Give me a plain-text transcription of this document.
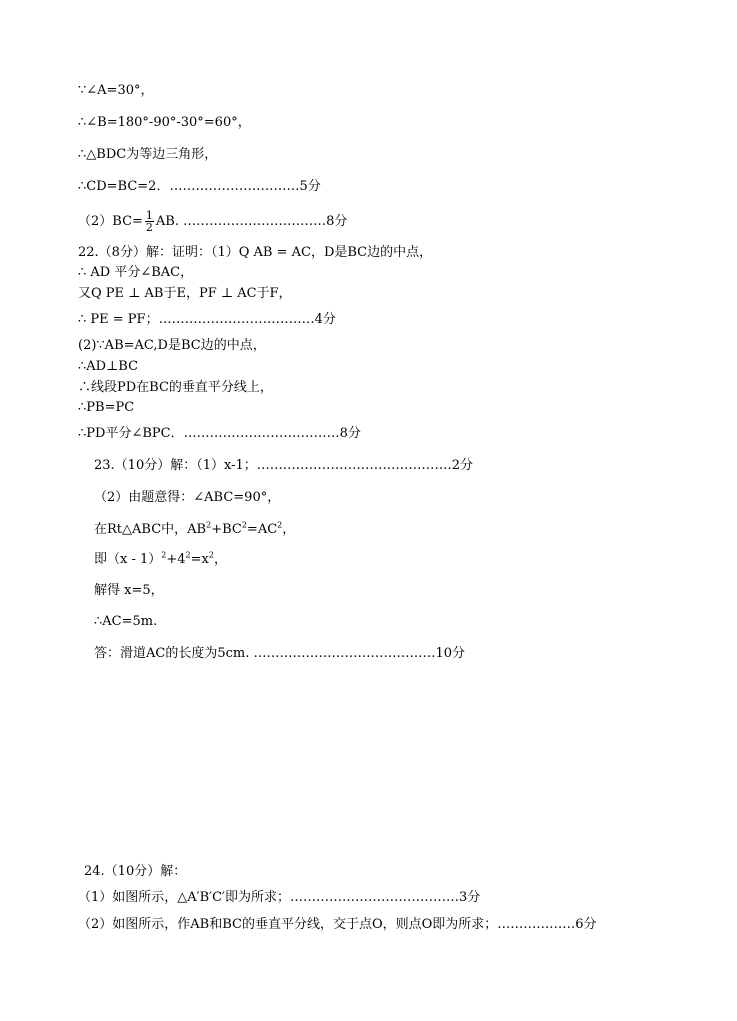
∵∠A=30°，
∴∠B=180°-90°-30°=60°，
∴△BDC为等边三角形，
∴CD=BC=2．…………………………5分
$(2)BC= \frac{1}{2}$ AB. ……………………………8分
22.（8分）解：证明：（1）Q AB = AC，D是BC边的中点，
∴ AD 平分∠BAC，
又Q PE ⊥ AB于E，PF ⊥ AC于F，
∴ PE = PF；………………………………4分
(2)∵AB=AC,D是BC边的中点，
∴AD⊥BC
∴线段PD在BC的垂直平分线上，
∴PB=PC
∴PD平分∠BPC．………………………………8分
23.（10分）解：（1）x-1；………………………………………2分
（2）由题意得：∠ABC=90°，
在Rt△ABC中，$AB^2+BC^2=AC^2$，
即$(x - 1)^2+4^2=x^2$，
解得 x=5，
∴AC=5m.
答：滑道AC的长度为5cm. ……………………………………10分
24.（10分）解：
（1）如图所示，△A′B′C′即为所求；…………………………………3分
（2）如图所示，作AB和BC的垂直平分线，交于点O，则点O即为所求；………………6分
